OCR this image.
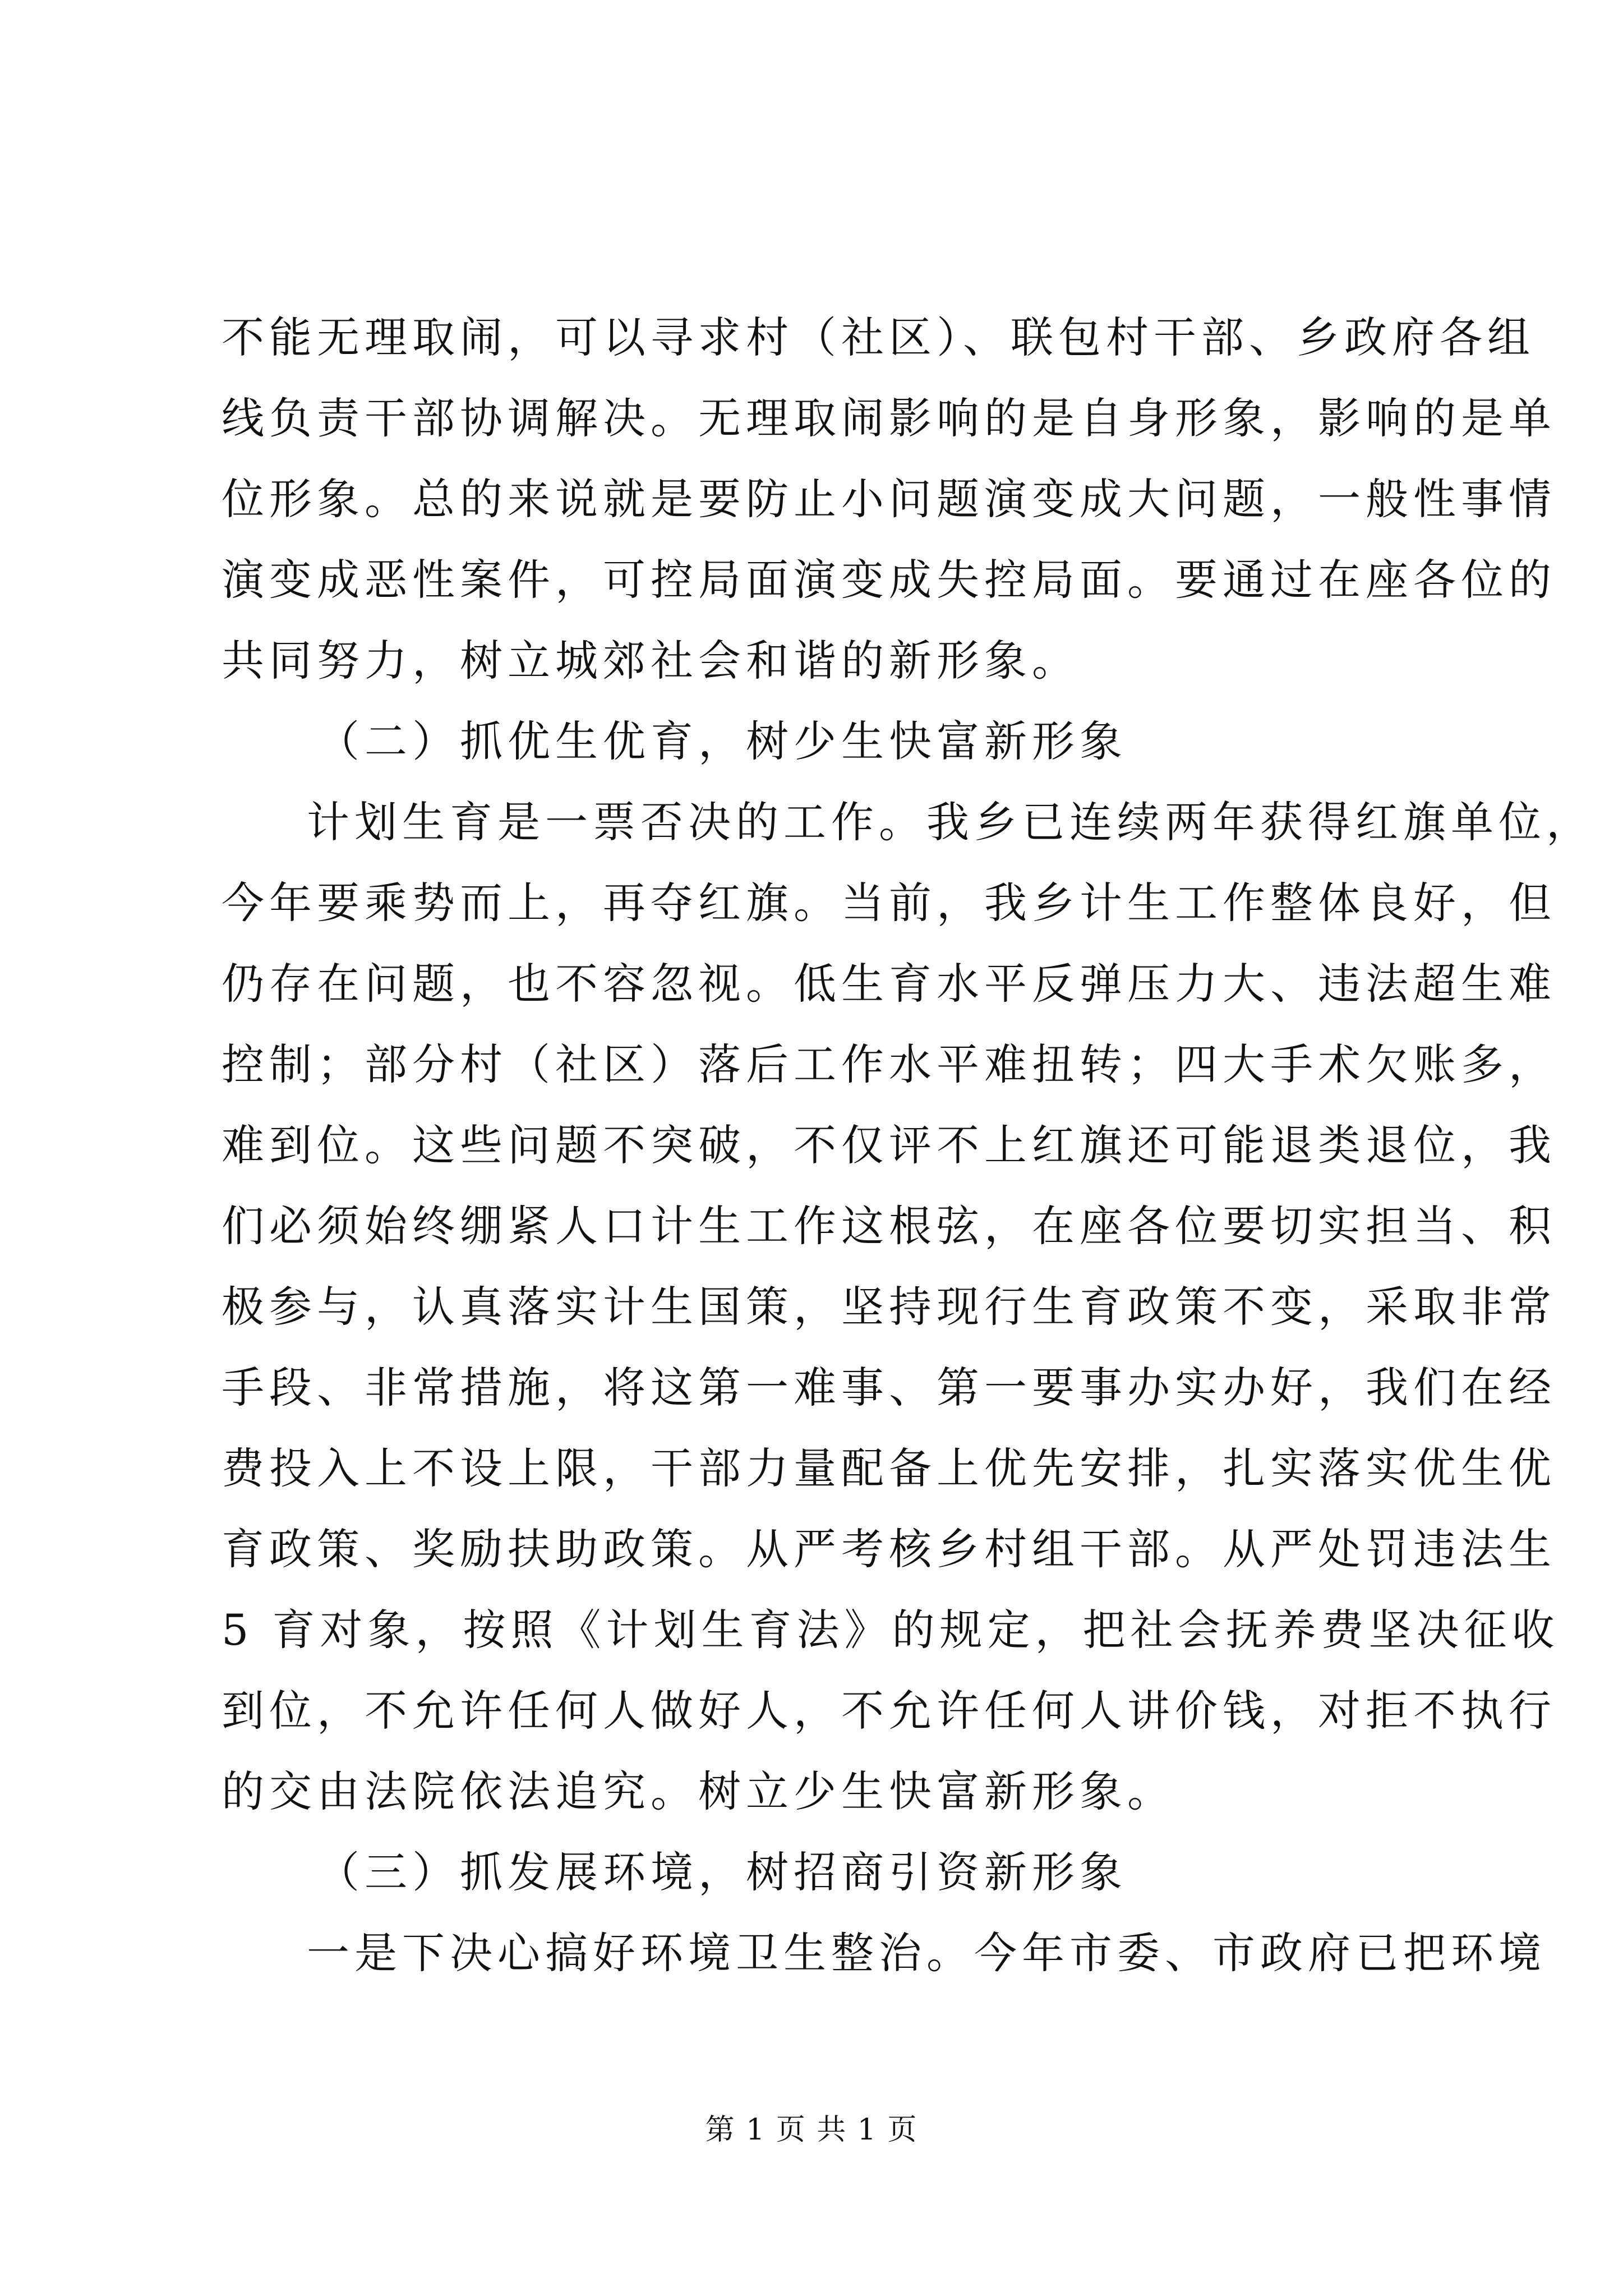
不能无理取闹，可以寻求村（社区）、联包村干部、乡政府各组
线负责干部协调解决。无理取闹影响的是自身形象，影响的是单
位形象。总的来说就是要防止小问题演变成大问题，一般性事情
演变成恶性案件，可控局面演变成失控局面。要通过在座各位的
共同努力，树立城郊社会和谐的新形象。
（二）抓优生优育，树少生快富新形象
计划生育是一票否决的工作。我乡已连续两年获得红旗单位，
今年要乘势而上，再夺红旗。当前，我乡计生工作整体良好，但
仍存在问题，也不容忽视。低生育水平反弹压力大、违法超生难
控制；部分村（社区）落后工作水平难扭转；四大手术欠账多，
难到位。这些问题不突破，不仅评不上红旗还可能退类退位，我
们必须始终绷紧人口计生工作这根弦，在座各位要切实担当、积
极参与，认真落实计生国策，坚持现行生育政策不变，采取非常
手段、非常措施，将这第一难事、第一要事办实办好，我们在经
费投入上不设上限，干部力量配备上优先安排，扎实落实优生优
育政策、奖励扶助政策。从严考核乡村组干部。从严处罚违法生
5 育对象，按照《计划生育法》的规定，把社会抚养费坚决征收
到位，不允许任何人做好人，不允许任何人讲价钱，对拒不执行
的交由法院依法追究。树立少生快富新形象。
（三）抓发展环境，树招商引资新形象
一是下决心搞好环境卫生整治。今年市委、市政府已把环境
第 1 页 共 1 页
